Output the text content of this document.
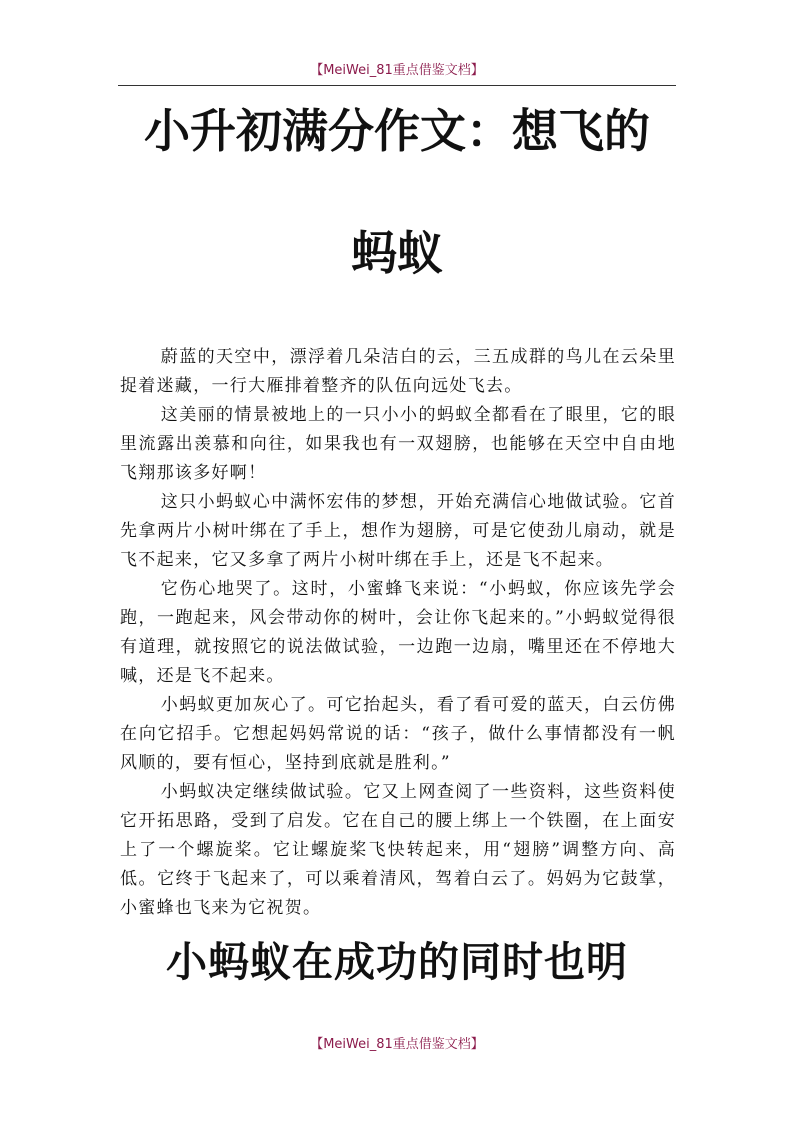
【MeiWei_81重点借鉴文档】
小升初满分作文：想飞的
蚂蚁

蔚蓝的天空中，漂浮着几朵洁白的云，三五成群的鸟儿在云朵里捉着迷藏，一行大雁排着整齐的队伍向远处飞去。

这美丽的情景被地上的一只小小的蚂蚁全都看在了眼里，它的眼里流露出羡慕和向往，如果我也有一双翅膀，也能够在天空中自由地飞翔那该多好啊！

这只小蚂蚁心中满怀宏伟的梦想，开始充满信心地做试验。它首先拿两片小树叶绑在了手上，想作为翅膀，可是它使劲儿扇动，就是飞不起来，它又多拿了两片小树叶绑在手上，还是飞不起来。

它伤心地哭了。这时，小蜜蜂飞来说：“小蚂蚁，你应该先学会跑，一跑起来，风会带动你的树叶，会让你飞起来的。”小蚂蚁觉得很有道理，就按照它的说法做试验，一边跑一边扇，嘴里还在不停地大喊，还是飞不起来。

小蚂蚁更加灰心了。可它抬起头，看了看可爱的蓝天，白云仿佛在向它招手。它想起妈妈常说的话：“孩子，做什么事情都没有一帆风顺的，要有恒心，坚持到底就是胜利。”

小蚂蚁决定继续做试验。它又上网查阅了一些资料，这些资料使它开拓思路，受到了启发。它在自己的腰上绑上一个铁圈，在上面安上了一个螺旋桨。它让螺旋桨飞快转起来，用“翅膀”调整方向、高低。它终于飞起来了，可以乘着清风，驾着白云了。妈妈为它鼓掌，小蜜蜂也飞来为它祝贺。

小蚂蚁在成功的同时也明
【MeiWei_81重点借鉴文档】
